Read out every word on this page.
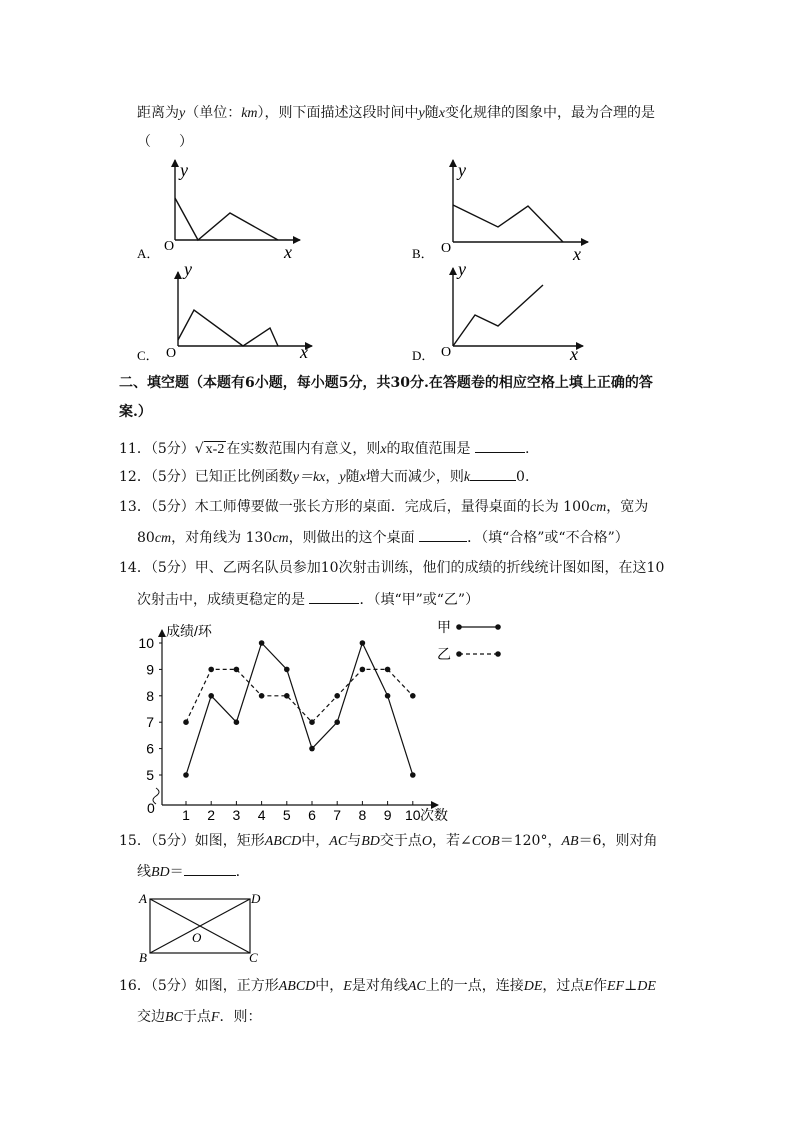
距离为y（单位：km），则下面描述这段时间中y随x变化规律的图象中，最为合理的是
（　　）
y
O	x
A．
y
O	x
B．
y
O	x
C．
y
O	x
D．
二、填空题（本题有6小题，每小题5分，共30分.在答题卷的相应空格上填上正确的答
案.）
11．（5分）√ x-2 在实数范围内有意义，则x的取值范围是	.
12．（5分）已知正比例函数y＝kx，y随x增大而减少，则k	0.
13．（5分）木工师傅要做一张长方形的桌面．完成后，量得桌面的长为 100cm，宽为
80cm，对角线为 130cm，则做出的这个桌面	．（填“合格”或“不合格”）
14．（5分）甲、乙两名队员参加10次射击训练，他们的成绩的折线统计图如图，在这10
次射击中，成绩更稳定的是	．（填“甲”或“乙”）
成绩/环
次数
0
5
6
7
8
9
10
1 2 3 4 5 6 7 8 9 10
甲
乙
15．（5分）如图，矩形ABCD中，AC与BD交于点O，若∠COB＝120°，AB＝6，则对角
线BD＝	.
A	D
B	C
O
16．（5分）如图，正方形ABCD中，E是对角线AC上的一点，连接DE，过点E作EF⊥DE
交边BC于点F．则：
